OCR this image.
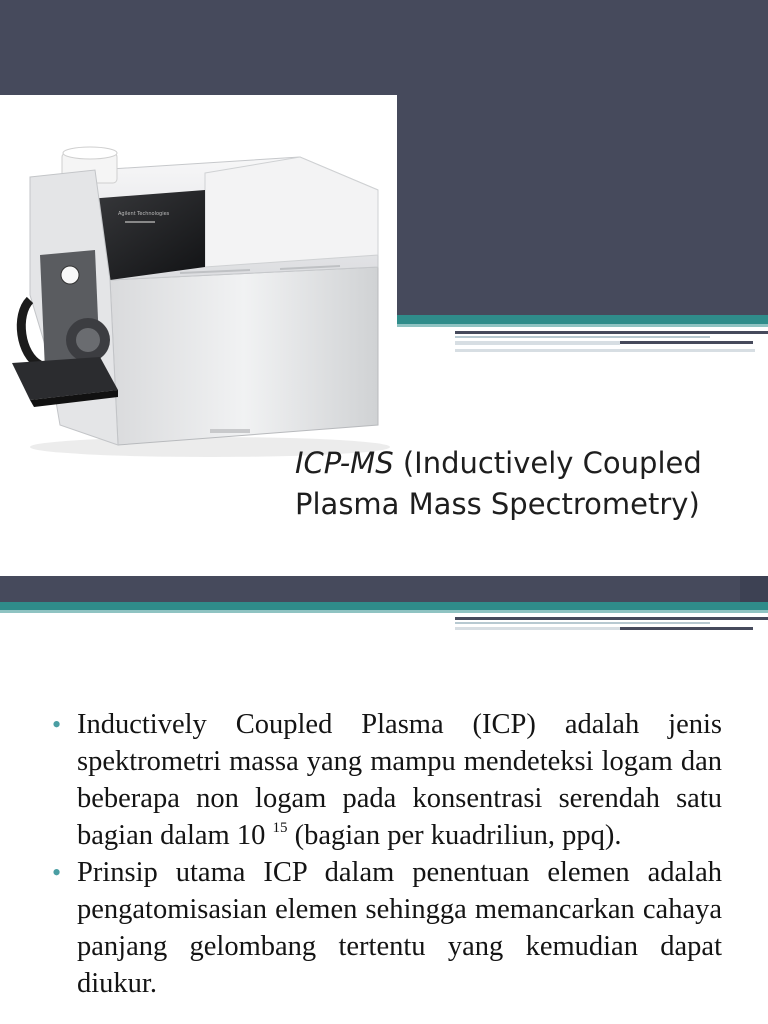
Agilent Technologies
ICP-MS (Inductively Coupled
Plasma Mass Spectrometry)
• Inductively Coupled Plasma (ICP) adalah jenis spektrometri massa yang mampu mendeteksi logam dan beberapa non logam pada konsentrasi serendah satu bagian dalam 10 $^{15}$ (bagian per kuadriliun, ppq).
• Prinsip utama ICP dalam penentuan elemen adalah pengatomisasian elemen sehingga memancarkan cahaya panjang gelombang tertentu yang kemudian dapat diukur.
